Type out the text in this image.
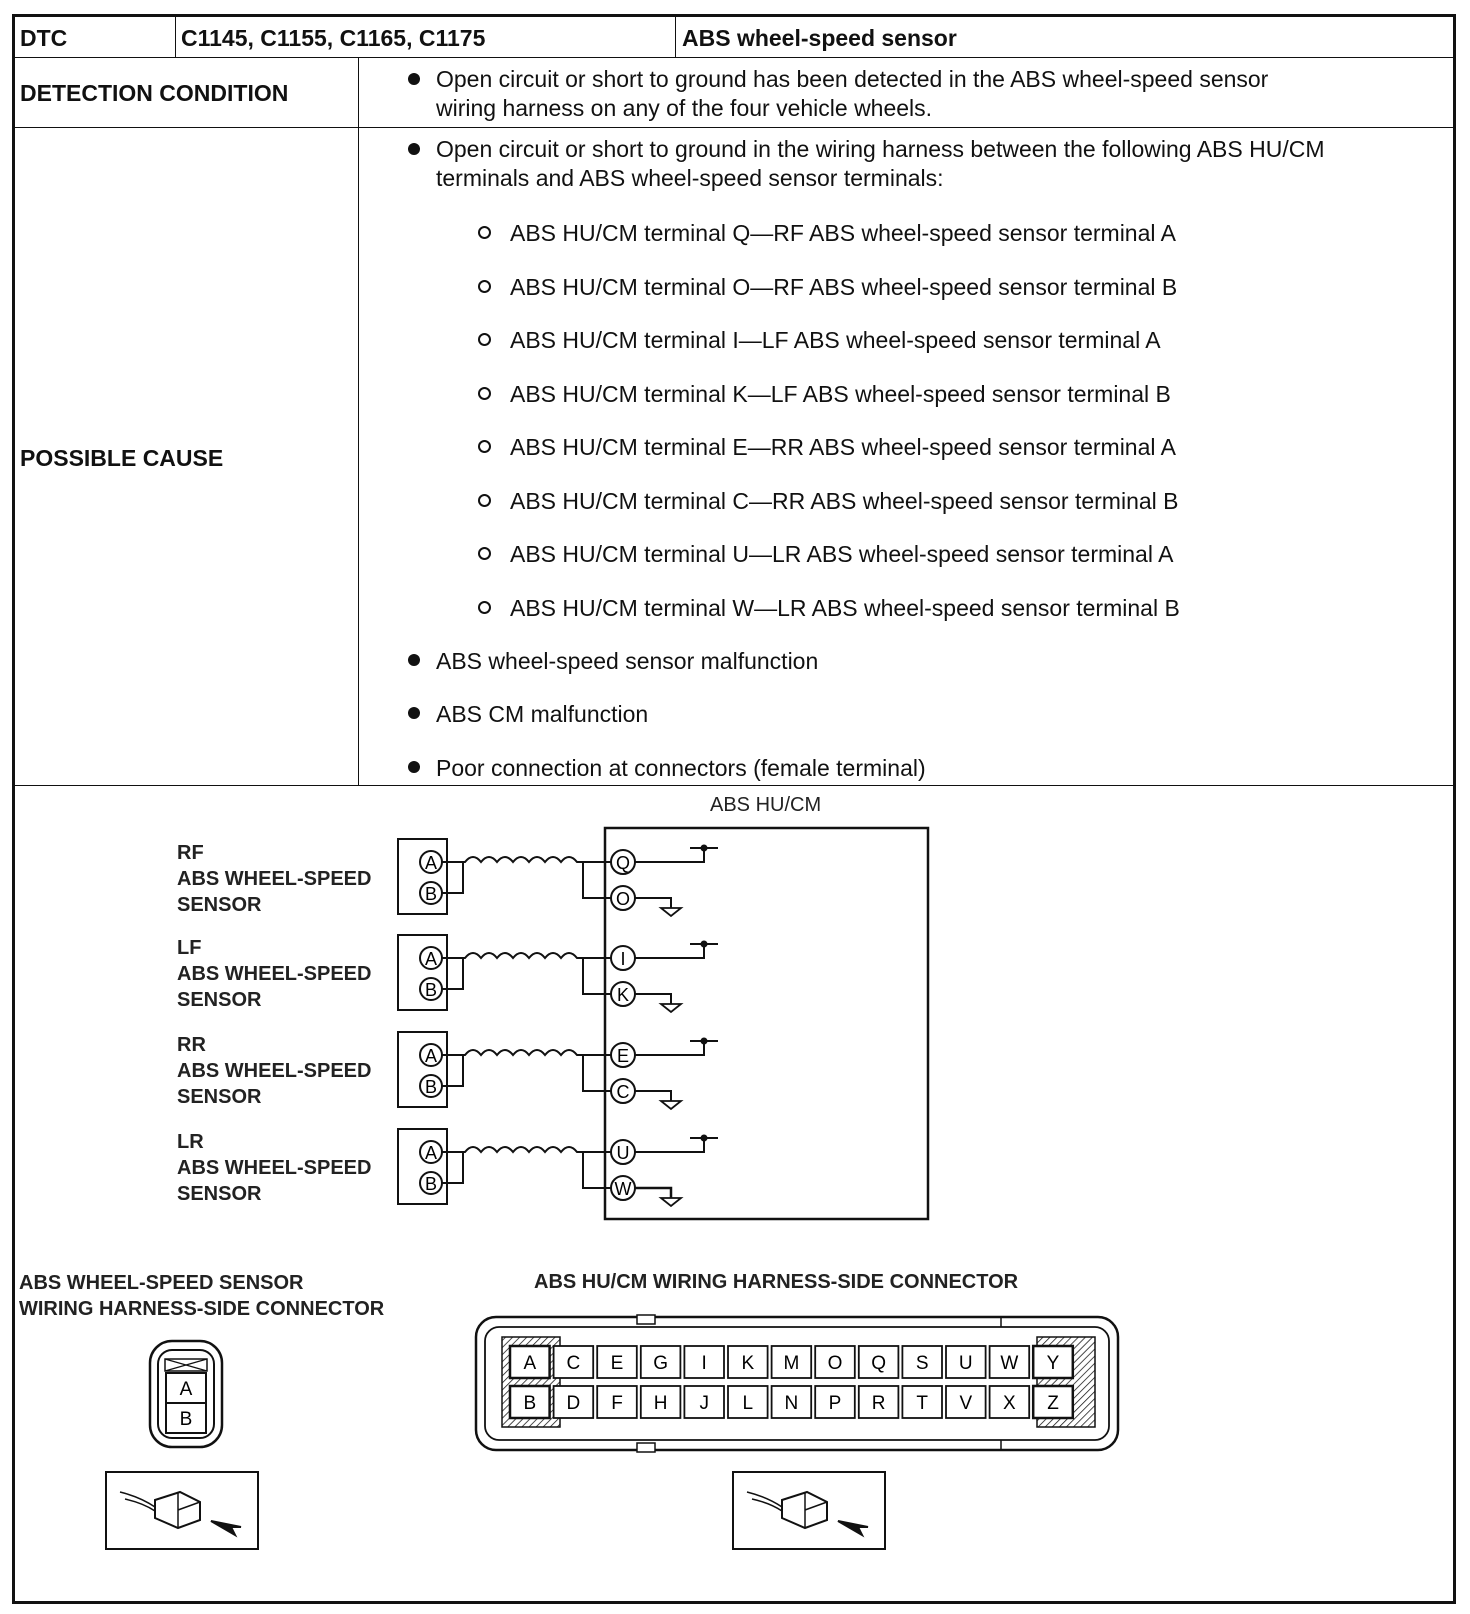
DTC	C1145, C1155, C1165, C1175	ABS wheel-speed sensor
DETECTION CONDITION
Open circuit or short to ground has been detected in the ABS wheel-speed sensor
wiring harness on any of the four vehicle wheels.
POSSIBLE CAUSE
Open circuit or short to ground in the wiring harness between the following ABS HU/CM
terminals and ABS wheel-speed sensor terminals:
ABS HU/CM terminal Q—RF ABS wheel-speed sensor terminal A
ABS HU/CM terminal O—RF ABS wheel-speed sensor terminal B
ABS HU/CM terminal I—LF ABS wheel-speed sensor terminal A
ABS HU/CM terminal K—LF ABS wheel-speed sensor terminal B
ABS HU/CM terminal E—RR ABS wheel-speed sensor terminal A
ABS HU/CM terminal C—RR ABS wheel-speed sensor terminal B
ABS HU/CM terminal U—LR ABS wheel-speed sensor terminal A
ABS HU/CM terminal W—LR ABS wheel-speed sensor terminal B
ABS wheel-speed sensor malfunction
ABS CM malfunction
Poor connection at connectors (female terminal)
ABS HU/CM
RF
ABS WHEEL-SPEED
SENSOR
LF
ABS WHEEL-SPEED
SENSOR
RR
ABS WHEEL-SPEED
SENSOR
LR
ABS WHEEL-SPEED
SENSOR
A
B
Q
O
A
B
I
K
A
B
E
C
A
B
U
W
A
B
A C E G I K M O Q S U W Y
B D F H J L N P R T V X Z
ABS WHEEL-SPEED SENSOR
WIRING HARNESS-SIDE CONNECTOR
ABS HU/CM WIRING HARNESS-SIDE CONNECTOR
